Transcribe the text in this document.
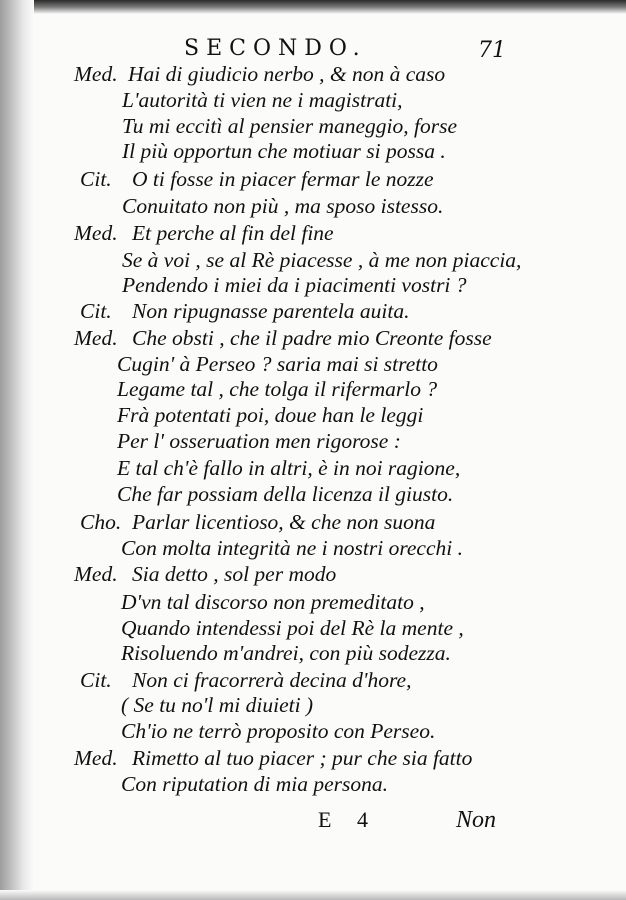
SECONDO.	71
Med. Hai di giudicio nerbo , & non à caso
L'autorità ti vien ne i magistrati,
Tu mi eccitì al pensier maneggio, forse
Il più opportun che motiuar si possa .
Cit. O ti fosse in piacer fermar le nozze
Conuitato non più , ma sposo istesso.
Med. Et perche al fin del fine
Se à voi , se al Rè piacesse , à me non piaccia,
Pendendo i miei da i piacimenti vostri ?
Cit. Non ripugnasse parentela auita.
Med. Che obsti , che il padre mio Creonte fosse
Cugin' à Perseo ? saria mai si stretto
Legame tal , che tolga il rifermarlo ?
Frà potentati poi, doue han le leggi
Per l' osseruation men rigorose :
E tal ch'è fallo in altri, è in noi ragione,
Che far possiam della licenza il giusto.
Cho. Parlar licentioso, & che non suona
Con molta integrità ne i nostri orecchi .
Med. Sia detto , sol per modo
D'vn tal discorso non premeditato ,
Quando intendessi poi del Rè la mente ,
Risoluendo m'andrei, con più sodezza.
Cit. Non ci fracorrerà decina d'hore,
( Se tu no'l mi diuieti )
Ch'io ne terrò proposito con Perseo.
Med. Rimetto al tuo piacer ; pur che sia fatto
Con riputation di mia persona.
E 4	Non
